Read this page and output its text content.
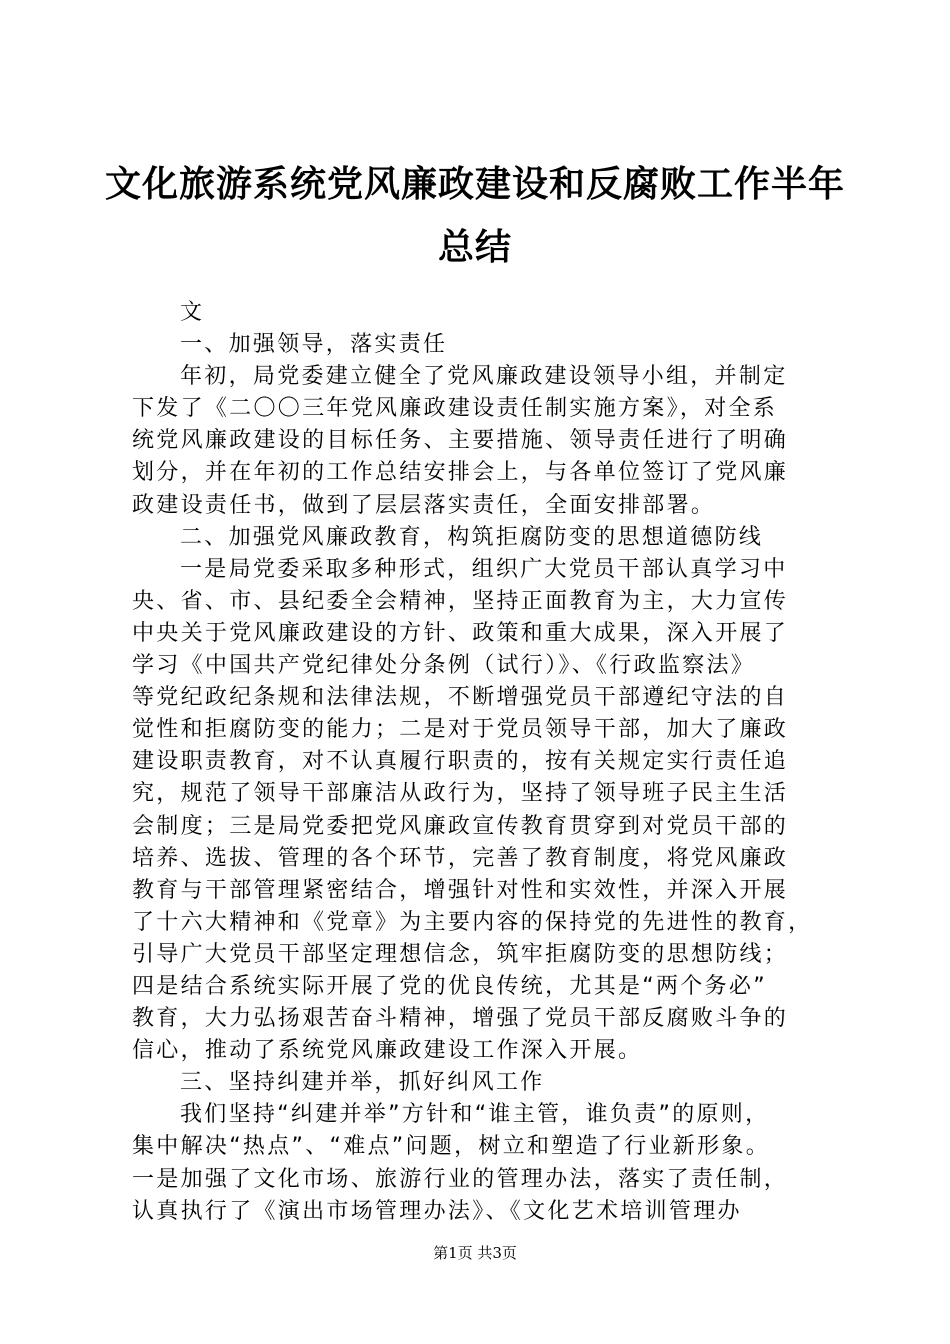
文化旅游系统党风廉政建设和反腐败工作半年
总结
文
一、加强领导，落实责任
年初，局党委建立健全了党风廉政建设领导小组，并制定
下发了《二〇〇三年党风廉政建设责任制实施方案》，对全系
统党风廉政建设的目标任务、主要措施、领导责任进行了明确
划分，并在年初的工作总结安排会上，与各单位签订了党风廉
政建设责任书，做到了层层落实责任，全面安排部署。
二、加强党风廉政教育，构筑拒腐防变的思想道德防线
一是局党委采取多种形式，组织广大党员干部认真学习中
央、省、市、县纪委全会精神，坚持正面教育为主，大力宣传
中央关于党风廉政建设的方针、政策和重大成果，深入开展了
学习《中国共产党纪律处分条例（试行）》、《行政监察法》
等党纪政纪条规和法律法规，不断增强党员干部遵纪守法的自
觉性和拒腐防变的能力；二是对于党员领导干部，加大了廉政
建设职责教育，对不认真履行职责的，按有关规定实行责任追
究，规范了领导干部廉洁从政行为，坚持了领导班子民主生活
会制度；三是局党委把党风廉政宣传教育贯穿到对党员干部的
培养、选拔、管理的各个环节，完善了教育制度，将党风廉政
教育与干部管理紧密结合，增强针对性和实效性，并深入开展
了十六大精神和《党章》为主要内容的保持党的先进性的教育，
引导广大党员干部坚定理想信念，筑牢拒腐防变的思想防线；
四是结合系统实际开展了党的优良传统，尤其是“两个务必”
教育，大力弘扬艰苦奋斗精神，增强了党员干部反腐败斗争的
信心，推动了系统党风廉政建设工作深入开展。
三、坚持纠建并举，抓好纠风工作
我们坚持“纠建并举”方针和“谁主管，谁负责”的原则，
集中解决“热点”、“难点”问题，树立和塑造了行业新形象。
一是加强了文化市场、旅游行业的管理办法，落实了责任制，
认真执行了《演出市场管理办法》、《文化艺术培训管理办
第1页 共3页
